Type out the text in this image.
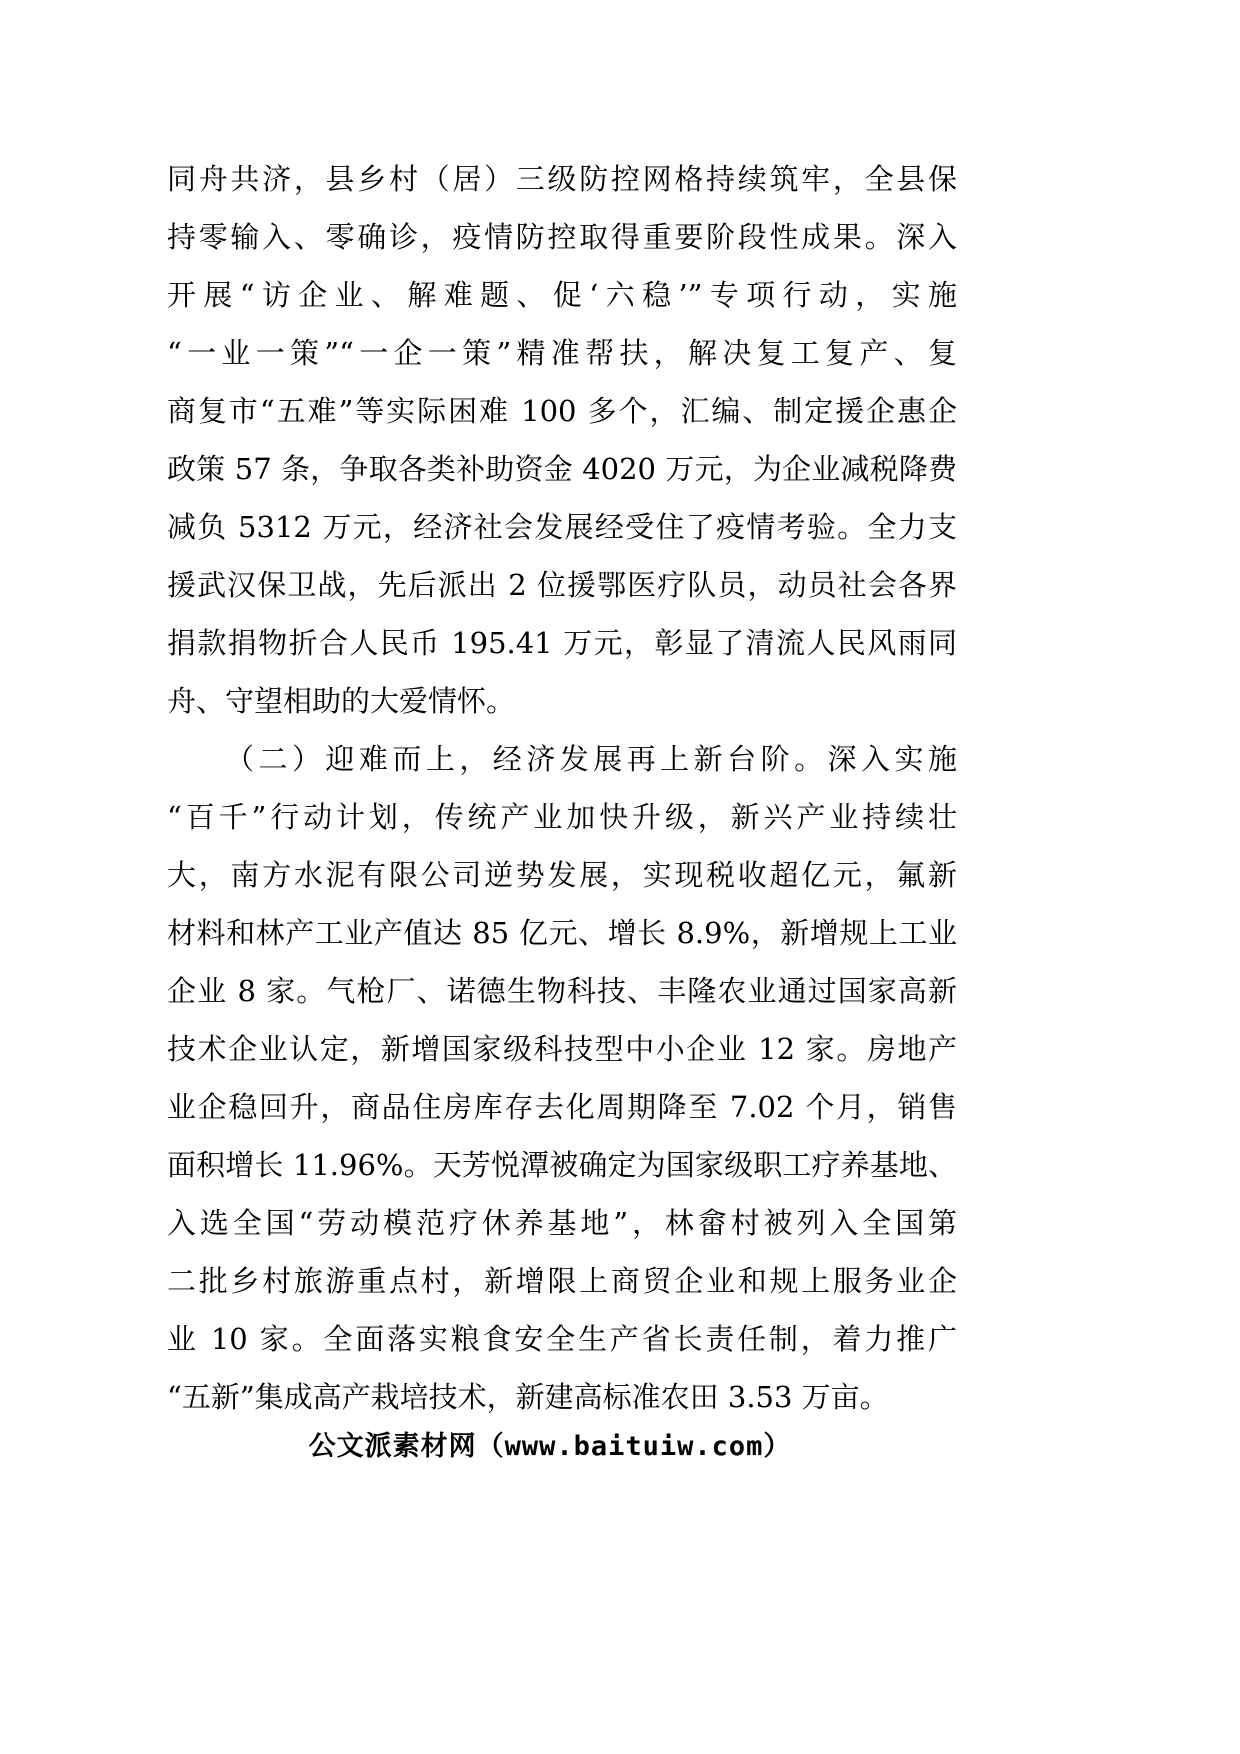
同舟共济，县乡村（居）三级防控网格持续筑牢，全县保
持零输入、零确诊，疫情防控取得重要阶段性成果。深入
开展“访企业、解难题、促‘六稳’”专项行动，实施
“一业一策”“一企一策”精准帮扶，解决复工复产、复
商复市“五难”等实际困难 100 多个，汇编、制定援企惠企
政策 57 条，争取各类补助资金 4020 万元，为企业减税降费
减负 5312 万元，经济社会发展经受住了疫情考验。全力支
援武汉保卫战，先后派出 2 位援鄂医疗队员，动员社会各界
捐款捐物折合人民币 195.41 万元，彰显了清流人民风雨同
舟、守望相助的大爱情怀。
（二）迎难而上，经济发展再上新台阶。深入实施
“百千”行动计划，传统产业加快升级，新兴产业持续壮
大，南方水泥有限公司逆势发展，实现税收超亿元，氟新
材料和林产工业产值达 85 亿元、增长 8.9%，新增规上工业
企业 8 家。气枪厂、诺德生物科技、丰隆农业通过国家高新
技术企业认定，新增国家级科技型中小企业 12 家。房地产
业企稳回升，商品住房库存去化周期降至 7.02 个月，销售
面积增长 11.96%。天芳悦潭被确定为国家级职工疗养基地、
入选全国“劳动模范疗休养基地”，林畲村被列入全国第
二批乡村旅游重点村，新增限上商贸企业和规上服务业企
业 10 家。全面落实粮食安全生产省长责任制，着力推广
“五新”集成高产栽培技术，新建高标准农田 3.53 万亩。
公文派素材网（www.baituiw.com）
